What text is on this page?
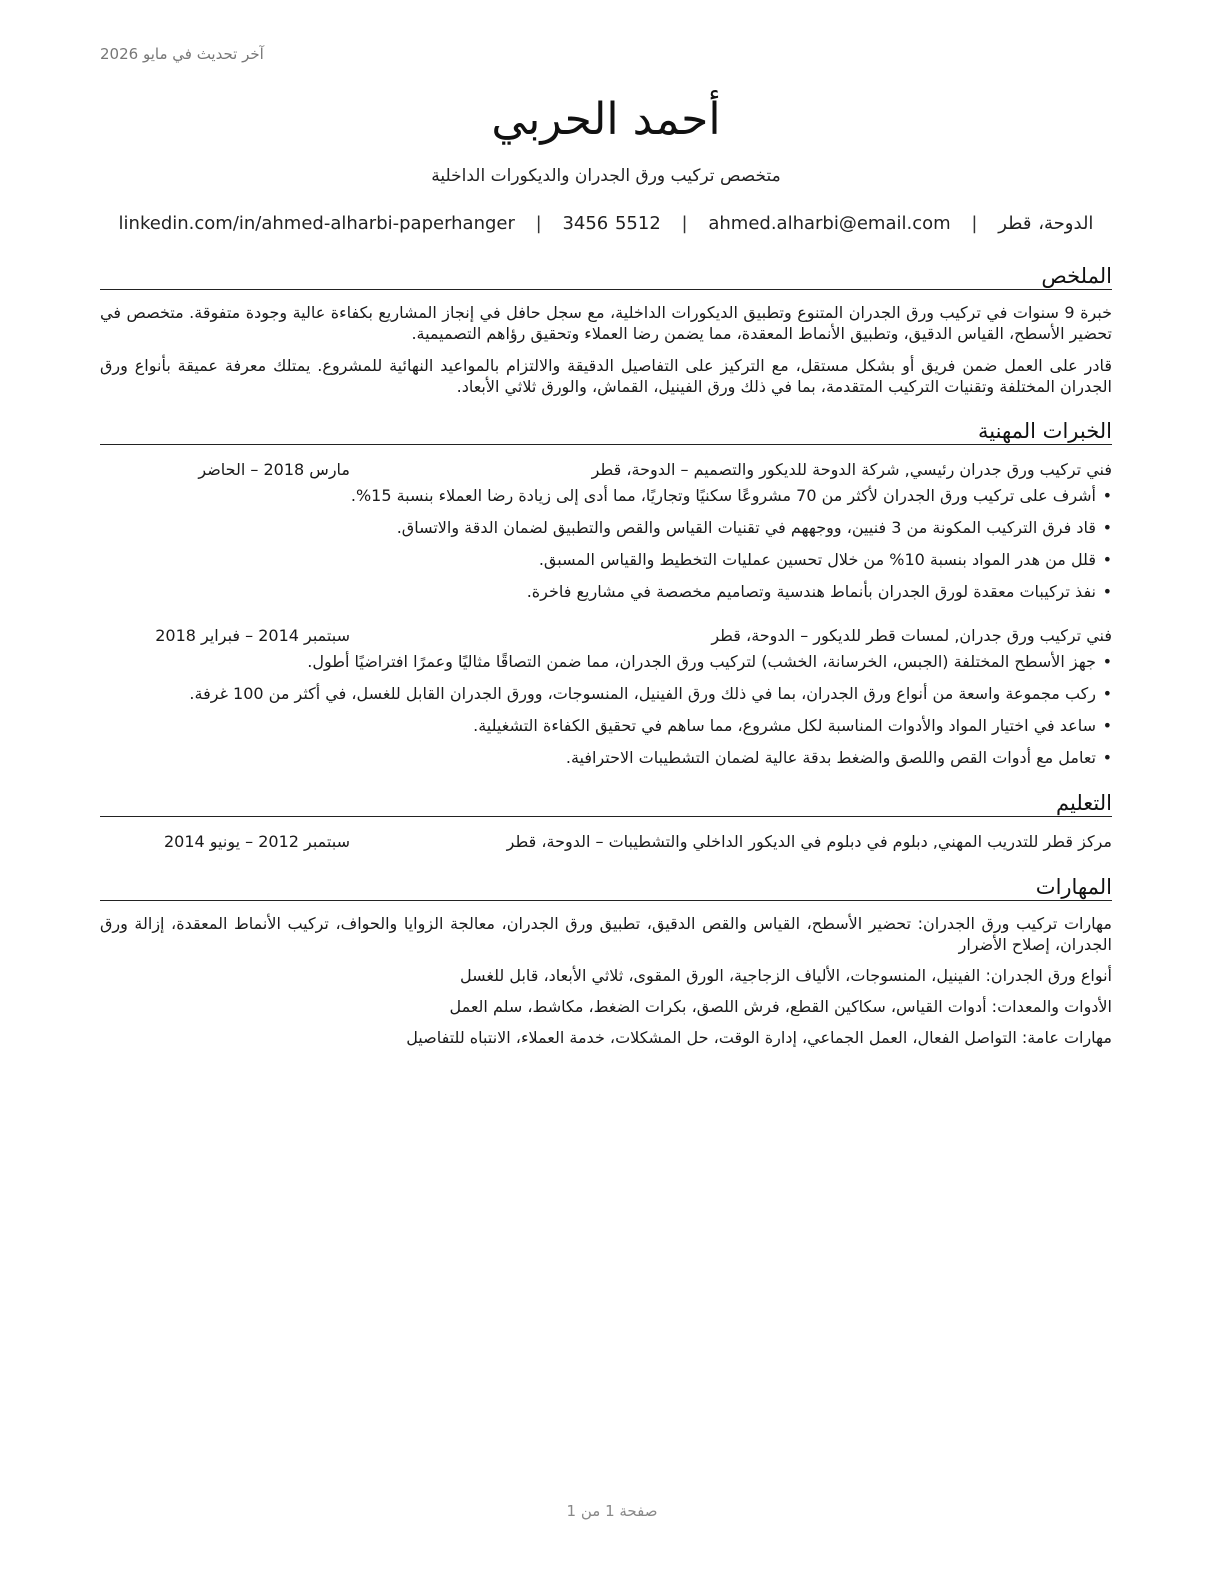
آخر تحديث في مايو 2026
أحمد الحربي
متخصص تركيب ورق الجدران والديكورات الداخلية
الدوحة، قطر | ahmed.alharbi@email.com | 3456 5512 | linkedin.com/in/ahmed-alharbi-paperhanger
الملخص

خبرة 9 سنوات في تركيب ورق الجدران المتنوع وتطبيق الديكورات الداخلية، مع سجل حافل في إنجاز المشاريع بكفاءة عالية وجودة متفوقة. متخصص في تحضير الأسطح، القياس الدقيق، وتطبيق الأنماط المعقدة، مما يضمن رضا العملاء وتحقيق رؤاهم التصميمية.

قادر على العمل ضمن فريق أو بشكل مستقل، مع التركيز على التفاصيل الدقيقة والالتزام بالمواعيد النهائية للمشروع. يمتلك معرفة عميقة بأنواع ورق الجدران المختلفة وتقنيات التركيب المتقدمة، بما في ذلك ورق الفينيل، القماش، والورق ثلاثي الأبعاد.

الخبرات المهنية
فني تركيب ورق جدران رئيسي, شركة الدوحة للديكور والتصميم – الدوحة، قطر
مارس 2018 – الحاضر
• أشرف على تركيب ورق الجدران لأكثر من 70 مشروعًا سكنيًا وتجاريًا، مما أدى إلى زيادة رضا العملاء بنسبة 15%.
• قاد فرق التركيب المكونة من 3 فنيين، ووجههم في تقنيات القياس والقص والتطبيق لضمان الدقة والاتساق.
• قلل من هدر المواد بنسبة 10% من خلال تحسين عمليات التخطيط والقياس المسبق.
• نفذ تركيبات معقدة لورق الجدران بأنماط هندسية وتصاميم مخصصة في مشاريع فاخرة.
فني تركيب ورق جدران, لمسات قطر للديكور – الدوحة، قطر
سبتمبر 2014 – فبراير 2018
• جهز الأسطح المختلفة (الجبس، الخرسانة، الخشب) لتركيب ورق الجدران، مما ضمن التصاقًا مثاليًا وعمرًا افتراضيًا أطول.
• ركب مجموعة واسعة من أنواع ورق الجدران، بما في ذلك ورق الفينيل، المنسوجات، وورق الجدران القابل للغسل، في أكثر من 100 غرفة.
• ساعد في اختيار المواد والأدوات المناسبة لكل مشروع، مما ساهم في تحقيق الكفاءة التشغيلية.
• تعامل مع أدوات القص واللصق والضغط بدقة عالية لضمان التشطيبات الاحترافية.
التعليم
مركز قطر للتدريب المهني, دبلوم في دبلوم في الديكور الداخلي والتشطيبات – الدوحة، قطر
سبتمبر 2012 – يونيو 2014
المهارات
مهارات تركيب ورق الجدران: تحضير الأسطح، القياس والقص الدقيق، تطبيق ورق الجدران، معالجة الزوايا والحواف، تركيب الأنماط المعقدة، إزالة ورق الجدران، إصلاح الأضرار
أنواع ورق الجدران: الفينيل، المنسوجات، الألياف الزجاجية، الورق المقوى، ثلاثي الأبعاد، قابل للغسل
الأدوات والمعدات: أدوات القياس، سكاكين القطع، فرش اللصق، بكرات الضغط، مكاشط، سلم العمل
مهارات عامة: التواصل الفعال، العمل الجماعي، إدارة الوقت، حل المشكلات، خدمة العملاء، الانتباه للتفاصيل
صفحة 1 من 1
